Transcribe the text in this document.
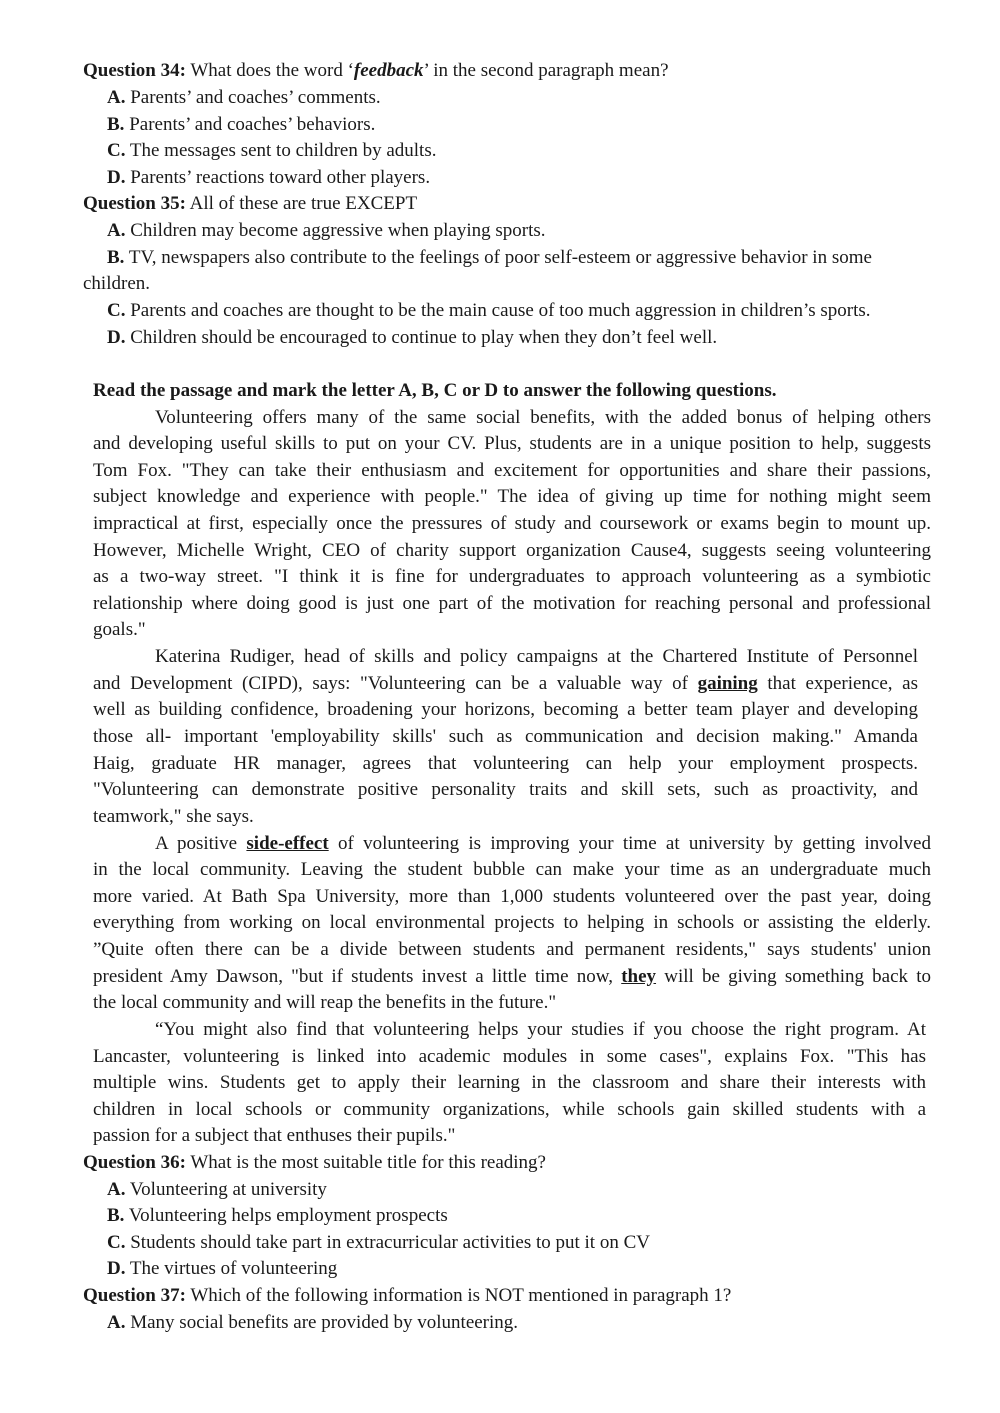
Question 34: What does the word ‘feedback’ in the second paragraph mean?
A. Parents’ and coaches’ comments.
B. Parents’ and coaches’ behaviors.
C. The messages sent to children by adults.
D. Parents’ reactions toward other players.
Question 35: All of these are true EXCEPT
A. Children may become aggressive when playing sports.
B. TV, newspapers also contribute to the feelings of poor self-esteem or aggressive behavior in some
children.
C. Parents and coaches are thought to be the main cause of too much aggression in children’s sports.
D. Children should be encouraged to continue to play when they don’t feel well.
Read the passage and mark the letter A, B, C or D to answer the following questions.
Volunteering offers many of the same social benefits, with the added bonus of helping others
and developing useful skills to put on your CV. Plus, students are in a unique position to help, suggests
Tom Fox. "They can take their enthusiasm and excitement for opportunities and share their passions,
subject knowledge and experience with people." The idea of giving up time for nothing might seem
impractical at first, especially once the pressures of study and coursework or exams begin to mount up.
However, Michelle Wright, CEO of charity support organization Cause4, suggests seeing volunteering
as a two-way street. "I think it is fine for undergraduates to approach volunteering as a symbiotic
relationship where doing good is just one part of the motivation for reaching personal and professional
goals."
Katerina Rudiger, head of skills and policy campaigns at the Chartered Institute of Personnel
and Development (CIPD), says: "Volunteering can be a valuable way of gaining that experience, as
well as building confidence, broadening your horizons, becoming a better team player and developing
those all- important 'employability skills' such as communication and decision making." Amanda
Haig, graduate HR manager, agrees that volunteering can help your employment prospects.
"Volunteering can demonstrate positive personality traits and skill sets, such as proactivity, and
teamwork," she says.
A positive side-effect of volunteering is improving your time at university by getting involved
in the local community. Leaving the student bubble can make your time as an undergraduate much
more varied. At Bath Spa University, more than 1,000 students volunteered over the past year, doing
everything from working on local environmental projects to helping in schools or assisting the elderly.
”Quite often there can be a divide between students and permanent residents," says students' union
president Amy Dawson, "but if students invest a little time now, they will be giving something back to
the local community and will reap the benefits in the future."
“You might also find that volunteering helps your studies if you choose the right program. At
Lancaster, volunteering is linked into academic modules in some cases", explains Fox. "This has
multiple wins. Students get to apply their learning in the classroom and share their interests with
children in local schools or community organizations, while schools gain skilled students with a
passion for a subject that enthuses their pupils."
Question 36: What is the most suitable title for this reading?
A. Volunteering at university
B. Volunteering helps employment prospects
C. Students should take part in extracurricular activities to put it on CV
D. The virtues of volunteering
Question 37: Which of the following information is NOT mentioned in paragraph 1?
A. Many social benefits are provided by volunteering.
